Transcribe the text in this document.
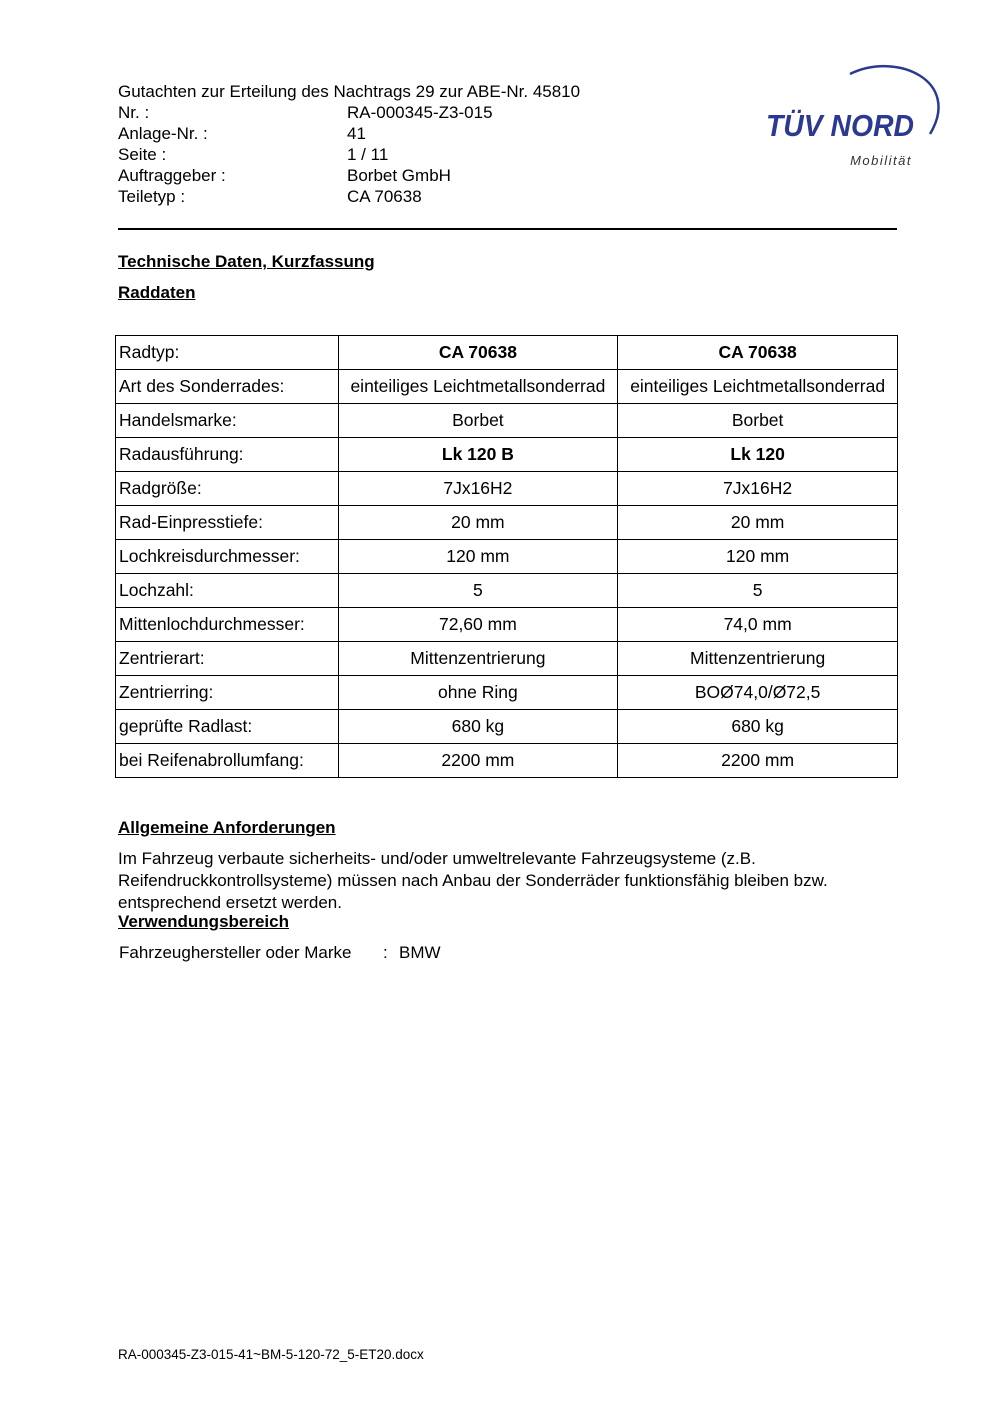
Gutachten zur Erteilung des Nachtrags 29 zur ABE-Nr. 45810
Nr. :	RA-000345-Z3-015
Anlage-Nr. :	41
Seite :	1 / 11
Auftraggeber :	Borbet GmbH
Teiletyp :	CA 70638
TÜV NORD
Mobilität
Technische Daten, Kurzfassung
Raddaten
Radtyp:	CA 70638	CA 70638
Art des Sonderrades:	einteiliges Leichtmetallsonderrad	einteiliges Leichtmetallsonderrad
Handelsmarke:	Borbet	Borbet
Radausführung:	Lk 120 B	Lk 120
Radgröße:	7Jx16H2	7Jx16H2
Rad-Einpresstiefe:	20 mm	20 mm
Lochkreisdurchmesser:	120 mm	120 mm
Lochzahl:	5	5
Mittenlochdurchmesser:	72,60 mm	74,0 mm
Zentrierart:	Mittenzentrierung	Mittenzentrierung
Zentrierring:	ohne Ring	BOØ74,0/Ø72,5
geprüfte Radlast:	680 kg	680 kg
bei Reifenabrollumfang:	2200 mm	2200 mm
Allgemeine Anforderungen
Im Fahrzeug verbaute sicherheits- und/oder umweltrelevante Fahrzeugsysteme (z.B. Reifendruckkontrollsysteme) müssen nach Anbau der Sonderräder funktionsfähig bleiben bzw. entsprechend ersetzt werden.
Verwendungsbereich
Fahrzeughersteller oder Marke	: BMW
RA-000345-Z3-015-41~BM-5-120-72_5-ET20.docx
